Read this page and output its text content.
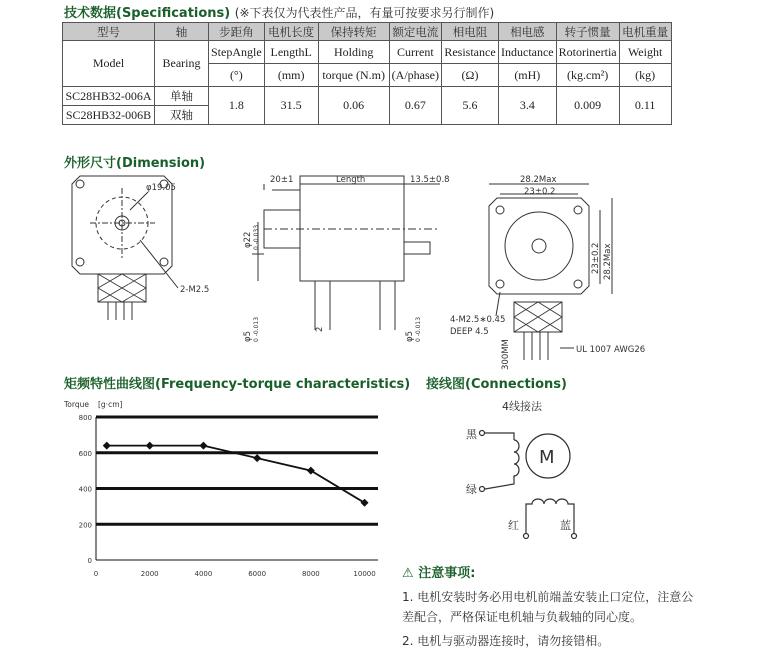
技术数据(Specifications) (※下表仅为代表性产品，有量可按要求另行制作)
型号	轴	步距角	电机长度	保持转矩	额定电流	相电阻	相电感	转子惯量	电机重量
Model	Bearing	StepAngle	LengthL	Holding	Current	Resistance	Inductance	Rotorinertia	Weight
		(°)	(mm)	torque (N.m)	(A/phase)	(Ω)	(mH)	(kg.cm²)	(kg)
SC28HB32-006A	单轴	1.8	31.5	0.06	0.67	5.6	3.4	0.009	0.11
SC28HB32-006B	双轴								
外形尺寸(Dimension)
φ19.05
2-M2.5
20±1	Length	13.5±0.8
φ22 0 -0.033
φ5 0 -0.013	2
φ5 0 -0.013
28.2Max
23±0.2
23±0.2 28.2Max
4-M2.5∗0.45
DEEP 4.5
300MM	UL 1007 AWG26
矩频特性曲线图(Frequency-torque characteristics)
Torque [g·cm]
0
200
400
600
800
0	2000	4000	6000	8000	10000
接线图(Connections)
4线接法
M
黑
绿
红	蓝
⚠ 注意事项:

1. 电机安装时务必用电机前端盖安装止口定位，注意公差配合，严格保证电机轴与负载轴的同心度。

2. 电机与驱动器连接时，请勿接错相。
